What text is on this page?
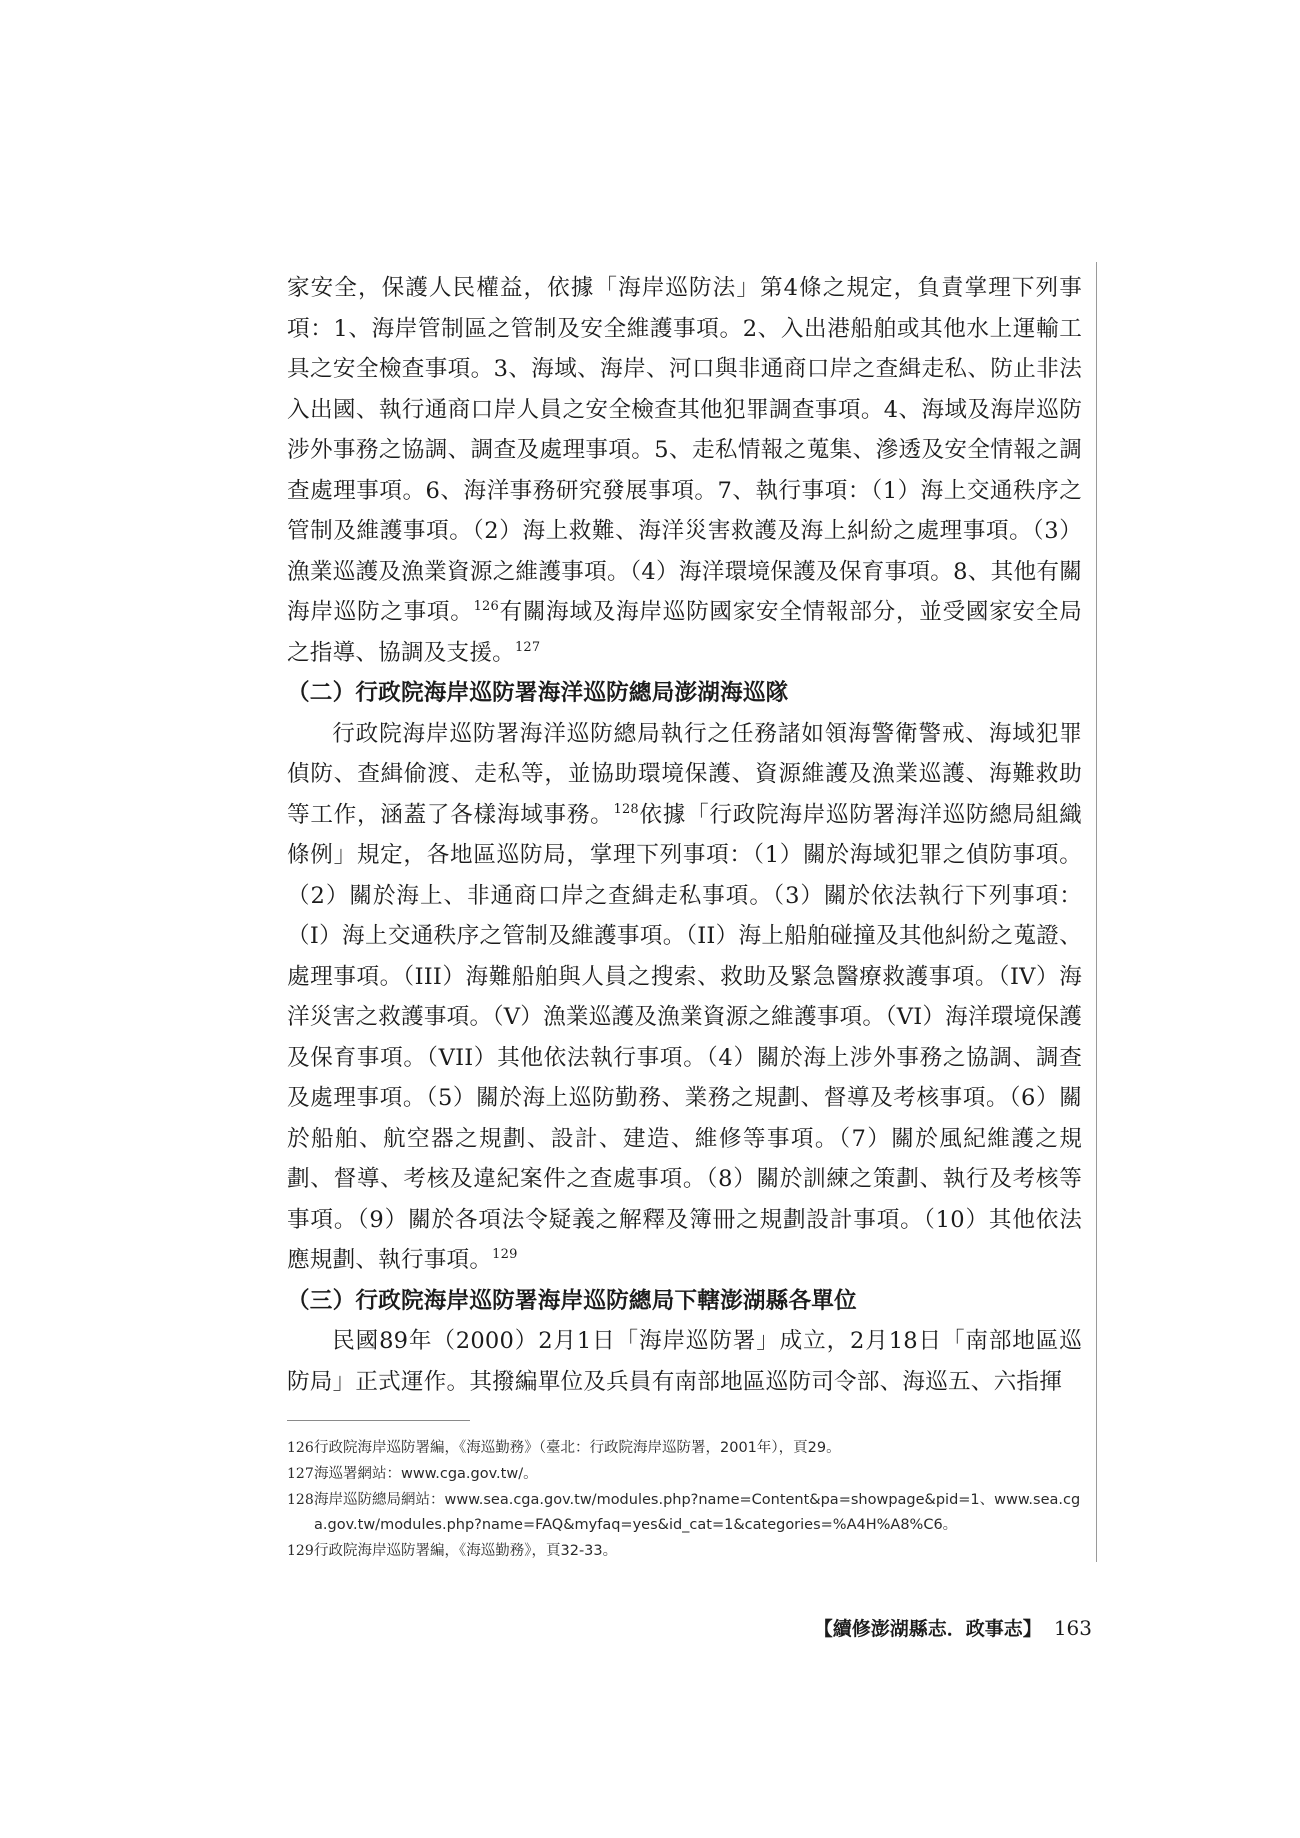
家安全，保護人民權益，依據「海岸巡防法」第4條之規定，負責掌理下列事項：1、海岸管制區之管制及安全維護事項。2、入出港船舶或其他水上運輸工具之安全檢查事項。3、海域、海岸、河口與非通商口岸之查緝走私、防止非法入出國、執行通商口岸人員之安全檢查其他犯罪調查事項。4、海域及海岸巡防涉外事務之協調、調查及處理事項。5、走私情報之蒐集、滲透及安全情報之調查處理事項。6、海洋事務研究發展事項。7、執行事項：（1）海上交通秩序之管制及維護事項。（2）海上救難、海洋災害救護及海上糾紛之處理事項。（3）漁業巡護及漁業資源之維護事項。（4）海洋環境保護及保育事項。8、其他有關海岸巡防之事項。$^{126}$有關海域及海岸巡防國家安全情報部分，並受國家安全局之指導、協調及支援。$^{127}$

（二）行政院海岸巡防署海洋巡防總局澎湖海巡隊

行政院海岸巡防署海洋巡防總局執行之任務諸如領海警衛警戒、海域犯罪偵防、查緝偷渡、走私等，並協助環境保護、資源維護及漁業巡護、海難救助等工作，涵蓋了各樣海域事務。$^{128}$依據「行政院海岸巡防署海洋巡防總局組織條例」規定，各地區巡防局，掌理下列事項：（1）關於海域犯罪之偵防事項。（2）關於海上、非通商口岸之查緝走私事項。（3）關於依法執行下列事項：（I）海上交通秩序之管制及維護事項。（II）海上船舶碰撞及其他糾紛之蒐證、處理事項。（III）海難船舶與人員之搜索、救助及緊急醫療救護事項。（IV）海洋災害之救護事項。（V）漁業巡護及漁業資源之維護事項。（VI）海洋環境保護及保育事項。（VII）其他依法執行事項。（4）關於海上涉外事務之協調、調查及處理事項。（5）關於海上巡防勤務、業務之規劃、督導及考核事項。（6）關於船舶、航空器之規劃、設計、建造、維修等事項。（7）關於風紀維護之規劃、督導、考核及違紀案件之查處事項。（8）關於訓練之策劃、執行及考核等事項。（9）關於各項法令疑義之解釋及簿冊之規劃設計事項。（10）其他依法應規劃、執行事項。$^{129}$

（三）行政院海岸巡防署海岸巡防總局下轄澎湖縣各單位

民國89年（2000）2月1日「海岸巡防署」成立，2月18日「南部地區巡防局」正式運作。其撥編單位及兵員有南部地區巡防司令部、海巡五、六指揮

126行政院海岸巡防署編，《海巡勤務》（臺北：行政院海岸巡防署，2001年），頁29。

127海巡署網站：www.cga.gov.tw/。

128海岸巡防總局網站：www.sea.cga.gov.tw/modules.php?name=Content&pa=showpage&pid=1、www.sea.cga.gov.tw/modules.php?name=FAQ&myfaq=yes&id_cat=1&categories=%A4H%A8%C6。

129行政院海岸巡防署編，《海巡勤務》，頁32-33。

【續修澎湖縣志．政事志】 163
